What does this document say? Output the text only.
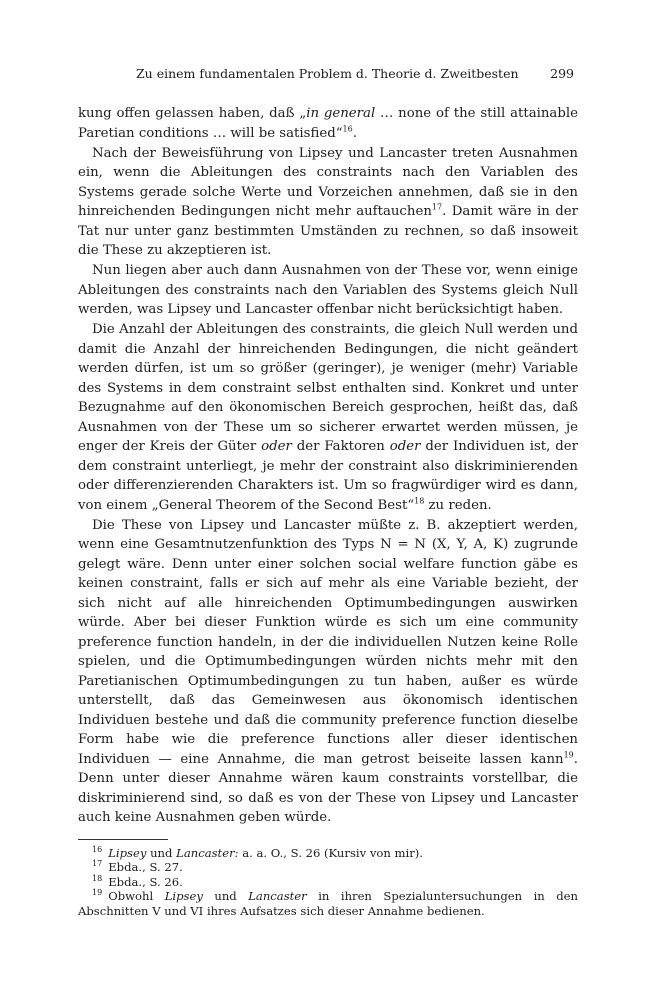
Zu einem fundamentalen Problem d. Theorie d. Zweitbesten	299

kung offen gelassen haben, daß „in general … none of the still attainable Paretian conditions … will be satisfied“$^{16}$.

Nach der Beweisführung von Lipsey und Lancaster treten Ausnahmen ein, wenn die Ableitungen des constraints nach den Variablen des Systems gerade solche Werte und Vorzeichen annehmen, daß sie in den hinreichenden Bedingungen nicht mehr auftauchen$^{17}$. Damit wäre in der Tat nur unter ganz bestimmten Umständen zu rechnen, so daß insoweit die These zu akzeptieren ist.

Nun liegen aber auch dann Ausnahmen von der These vor, wenn einige Ableitungen des constraints nach den Variablen des Systems gleich Null werden, was Lipsey und Lancaster offenbar nicht berücksichtigt haben.

Die Anzahl der Ableitungen des constraints, die gleich Null werden und damit die Anzahl der hinreichenden Bedingungen, die nicht geändert werden dürfen, ist um so größer (geringer), je weniger (mehr) Variable des Systems in dem constraint selbst enthalten sind. Konkret und unter Bezugnahme auf den ökonomischen Bereich gesprochen, heißt das, daß Ausnahmen von der These um so sicherer erwartet werden müssen, je enger der Kreis der Güter oder der Faktoren oder der Individuen ist, der dem constraint unterliegt, je mehr der constraint also diskriminierenden oder differenzierenden Charakters ist. Um so fragwürdiger wird es dann, von einem „General Theorem of the Second Best“$^{18}$ zu reden.

Die These von Lipsey und Lancaster müßte z. B. akzeptiert werden, wenn eine Gesamtnutzenfunktion des Typs N = N (X, Y, A, K) zugrunde gelegt wäre. Denn unter einer solchen social welfare function gäbe es keinen constraint, falls er sich auf mehr als eine Variable bezieht, der sich nicht auf alle hinreichenden Optimumbedingungen auswirken würde. Aber bei dieser Funktion würde es sich um eine community preference function handeln, in der die individuellen Nutzen keine Rolle spielen, und die Optimumbedingungen würden nichts mehr mit den Paretianischen Optimumbedingungen zu tun haben, außer es würde unterstellt, daß das Gemeinwesen aus ökonomisch identischen Individuen bestehe und daß die community preference function dieselbe Form habe wie die preference functions aller dieser identischen Individuen — eine Annahme, die man getrost beiseite lassen kann$^{19}$. Denn unter dieser Annahme wären kaum constraints vorstellbar, die diskriminierend sind, so daß es von der These von Lipsey und Lancaster auch keine Ausnahmen geben würde.

$^{16}$ Lipsey und Lancaster: a. a. O., S. 26 (Kursiv von mir).

$^{17}$ Ebda., S. 27.

$^{18}$ Ebda., S. 26.

$^{19}$ Obwohl Lipsey und Lancaster in ihren Spezialuntersuchungen in den Abschnitten V und VI ihres Aufsatzes sich dieser Annahme bedienen.
